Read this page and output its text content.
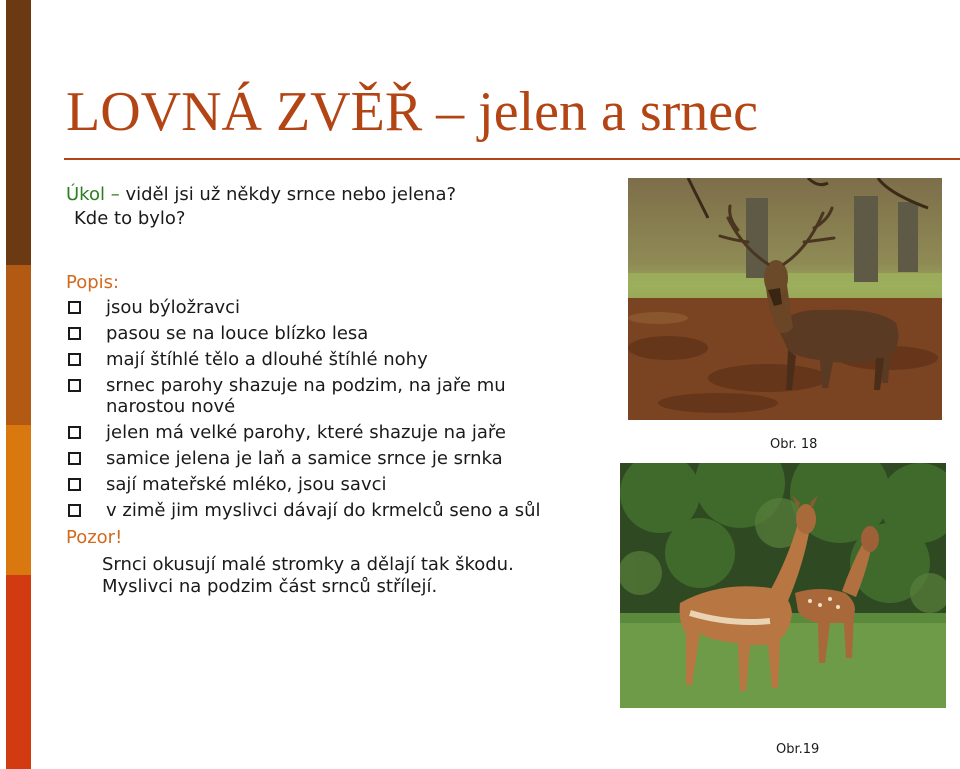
LOVNÁ ZVĚŘ – jelen a srnec

Úkol – viděl jsi už někdy srnce nebo jelena?

Kde to bylo?

Popis:

jsou býložravci
pasou se na louce blízko lesa
mají štíhlé tělo a dlouhé štíhlé nohy
srnec parohy shazuje na podzim, na jaře mu narostou nové
jelen má velké parohy, které shazuje na jaře
samice jelena je laň a samice srnce je srnka
sají mateřské mléko, jsou savci
v zimě jim myslivci dávají do krmelců seno a sůl

Pozor!

Srnci okusují malé stromky a dělají tak škodu. Myslivci na podzim část srnců střílejí.

Obr. 18
Obr.19
